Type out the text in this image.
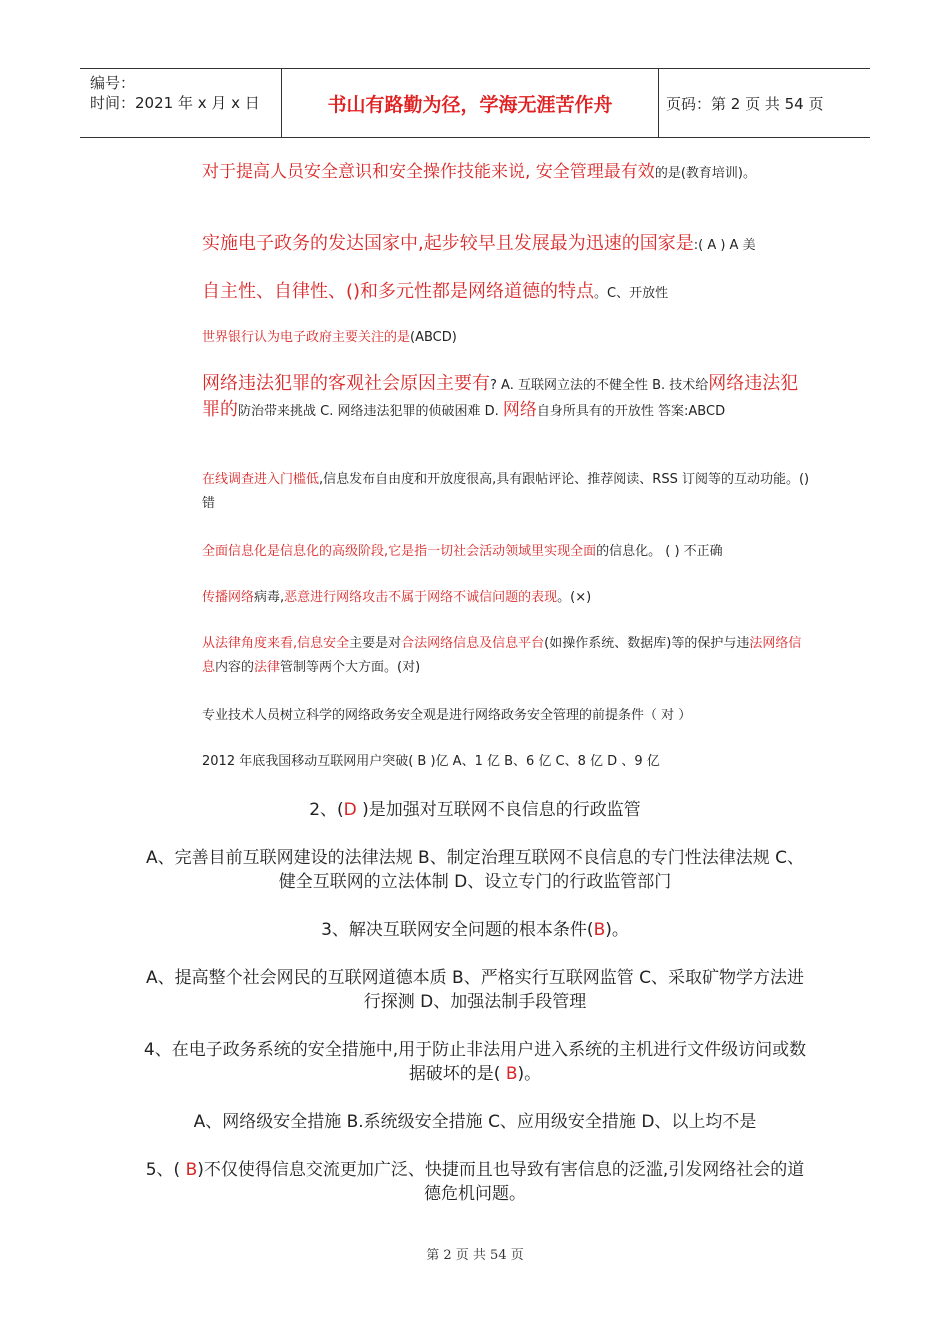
编号：
时间：2021 年 x 月 x 日	书山有路勤为径，学海无涯苦作舟	页码：第 2 页 共 54 页

对于提高人员安全意识和安全操作技能来说, 安全管理最有效的是(教育培训)。

实施电子政务的发达国家中,起步较早且发展最为迅速的国家是:( A ) A 美

自主性、自律性、()和多元性都是网络道德的特点。C、开放性

世界银行认为电子政府主要关注的是(ABCD)

网络违法犯罪的客观社会原因主要有? A. 互联网立法的不健全性 B. 技术给网络违法犯罪的防治带来挑战 C. 网络违法犯罪的侦破困难 D. 网络自身所具有的开放性 答案:ABCD

在线调查进入门槛低,信息发布自由度和开放度很高,具有跟帖评论、推荐阅读、RSS 订阅等的互动功能。() 错

全面信息化是信息化的高级阶段,它是指一切社会活动领域里实现全面的信息化。 ( ) 不正确

传播网络病毒,恶意进行网络攻击不属于网络不诚信问题的表现。(×)

从法律角度来看,信息安全主要是对合法网络信息及信息平台(如操作系统、数据库)等的保护与违法网络信息内容的法律管制等两个大方面。(对)

专业技术人员树立科学的网络政务安全观是进行网络政务安全管理的前提条件（ 对 ）

2012 年底我国移动互联网用户突破( B )亿 A、1 亿 B、6 亿 C、8 亿 D 、9 亿

2、(D )是加强对互联网不良信息的行政监管

A、完善目前互联网建设的法律法规 B、制定治理互联网不良信息的专门性法律法规 C、健全互联网的立法体制 D、设立专门的行政监管部门

3、解决互联网安全问题的根本条件(B)。

A、提高整个社会网民的互联网道德本质 B、严格实行互联网监管 C、采取矿物学方法进行探测 D、加强法制手段管理

4、在电子政务系统的安全措施中,用于防止非法用户进入系统的主机进行文件级访问或数据破坏的是( B)。

A、网络级安全措施 B.系统级安全措施 C、应用级安全措施 D、以上均不是

5、( B)不仅使得信息交流更加广泛、快捷而且也导致有害信息的泛滥,引发网络社会的道德危机问题。

第 2 页 共 54 页
